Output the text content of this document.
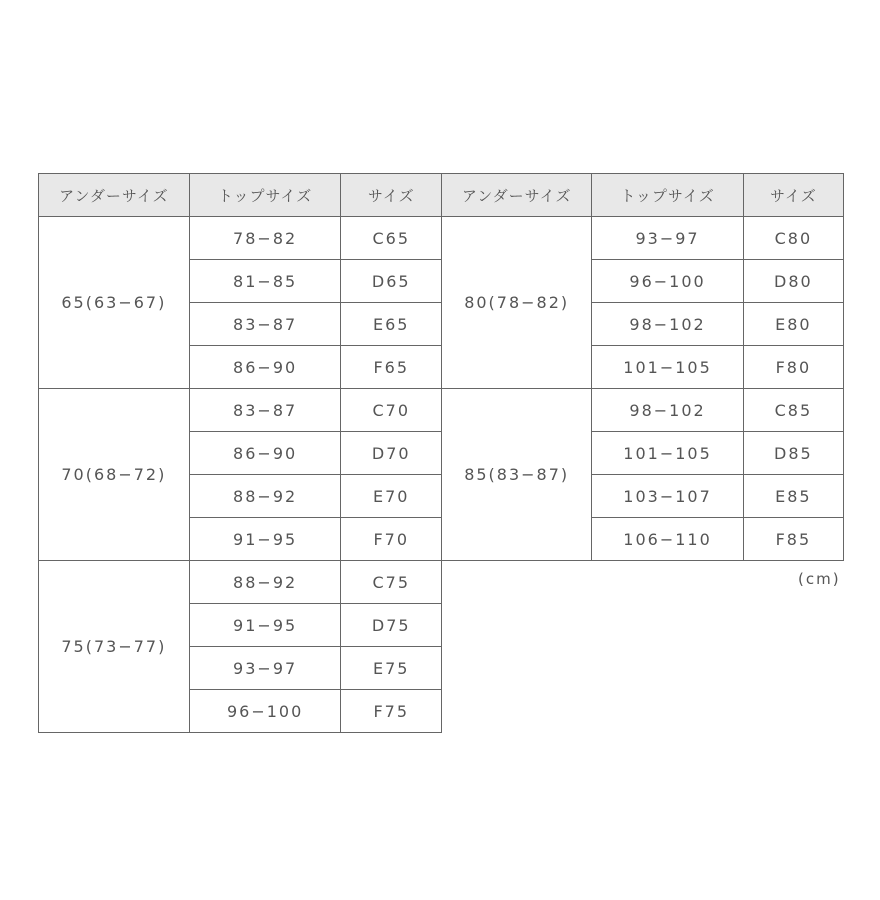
アンダーサイズ	トップサイズ	サイズ
65(63−67)	78−82	C65
	81−85	D65
	83−87	E65
	86−90	F65
70(68−72)	83−87	C70
	86−90	D70
	88−92	E70
	91−95	F70
75(73−77)	88−92	C75
	91−95	D75
	93−97	E75
	96−100	F75
アンダーサイズ	トップサイズ	サイズ
80(78−82)	93−97	C80
	96−100	D80
	98−102	E80
	101−105	F80
85(83−87)	98−102	C85
	101−105	D85
	103−107	E85
	106−110	F85
(cm)
